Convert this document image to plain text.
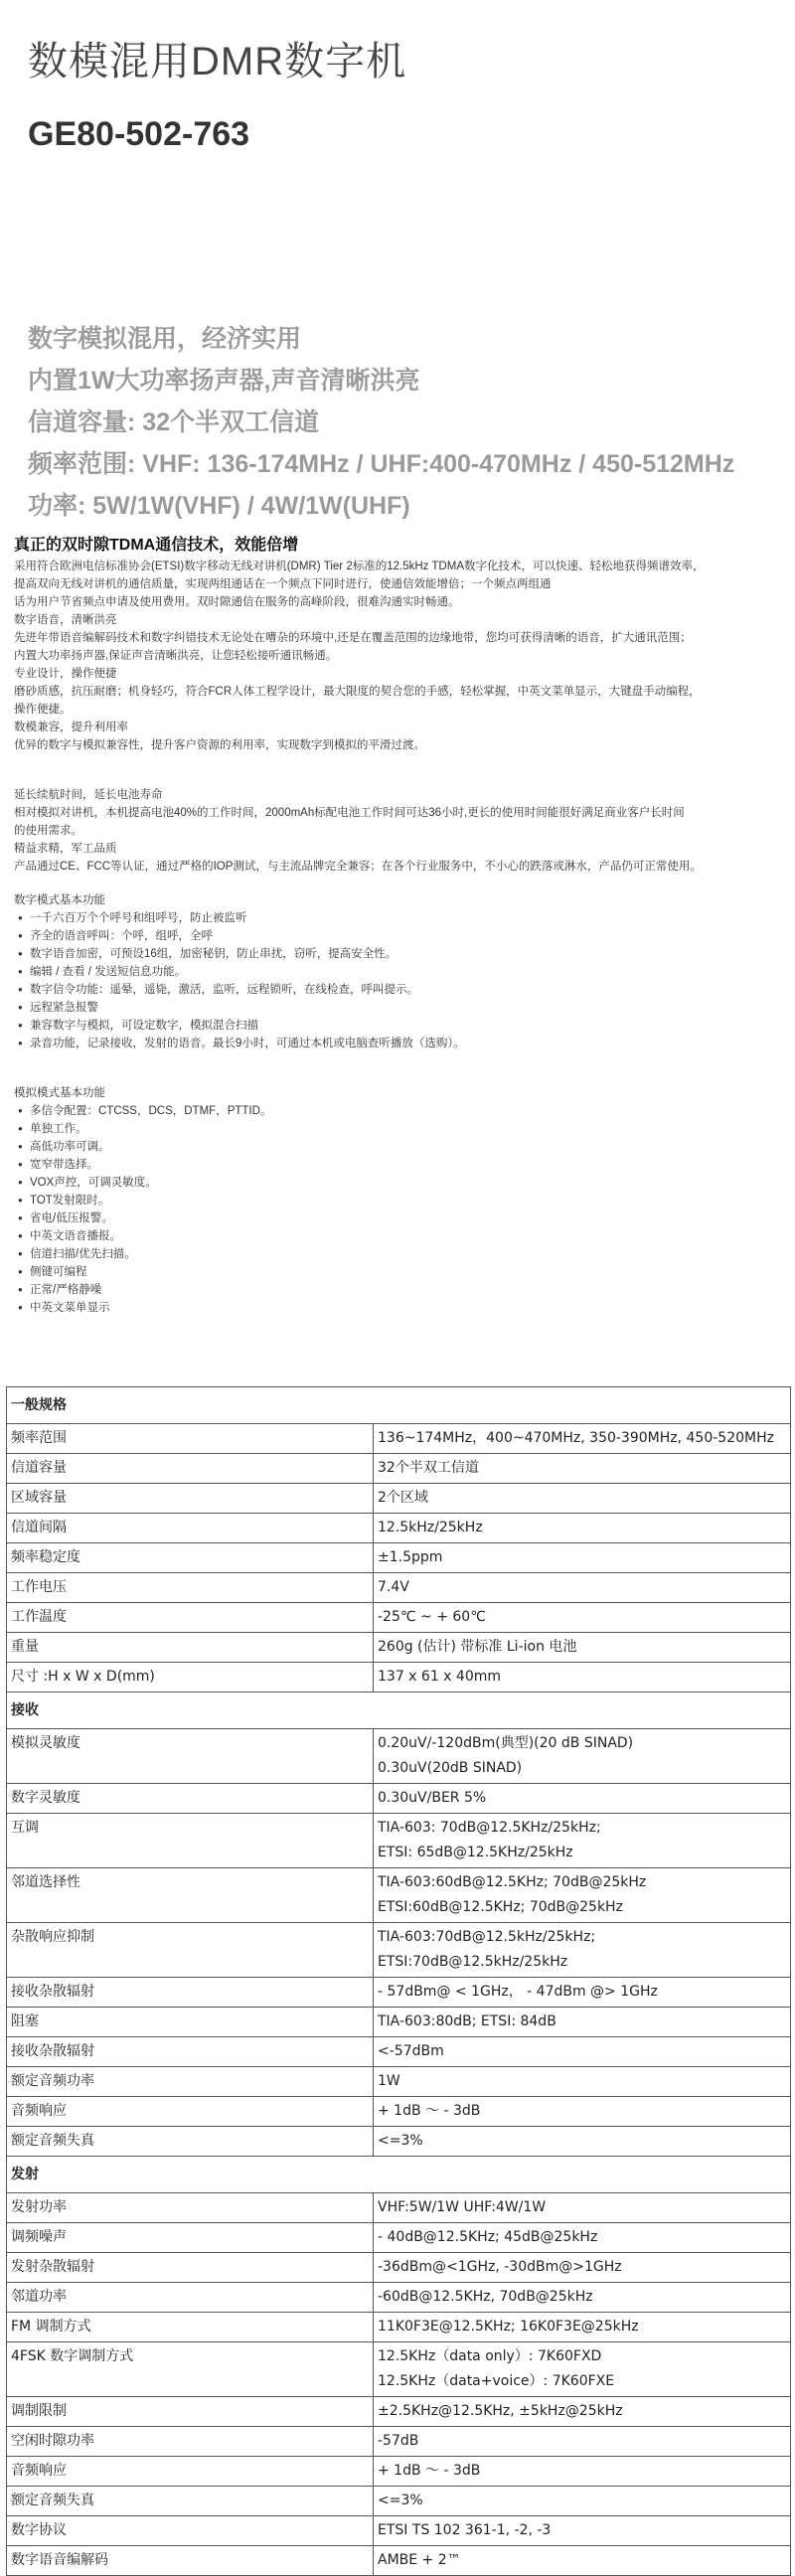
数模混用DMR数字机
GE80-502-763
数字模拟混用，经济实用
内置1W大功率扬声器,声音清晰洪亮
信道容量: 32个半双工信道
频率范围: VHF: 136-174MHz / UHF:400-470MHz / 450-512MHz
功率: 5W/1W(VHF) / 4W/1W(UHF)

真正的双时隙TDMA通信技术，效能倍增

采用符合欧洲电信标准协会(ETSI)数字移动无线对讲机(DMR) Tier 2标准的12.5kHz TDMA数字化技术，可以快速、轻松地获得频谱效率，

提高双向无线对讲机的通信质量，实现两组通话在一个频点下同时进行，使通信效能增倍；一个频点两组通

话为用户节省频点申请及使用费用。双时隙通信在服务的高峰阶段，很难沟通实时畅通。

数字语音，清晰洪亮

先进年带语音编解码技术和数字纠错技术无论处在嘈杂的环境中,还是在覆盖范围的边缘地带，您均可获得清晰的语音，扩大通讯范围；

内置大功率扬声器,保证声音清晰洪亮，让您轻松接听通讯畅通。

专业设计，操作便捷

磨砂质感，抗压耐磨；机身轻巧，符合FCR人体工程学设计，最大限度的契合您的手感，轻松掌握，中英文菜单显示，大键盘手动编程，

操作便捷。

数模兼容，提升利用率

优异的数字与模拟兼容性，提升客户资源的利用率，实现数字到模拟的平滑过渡。

延长续航时间，延长电池寿命

相对模拟对讲机，本机提高电池40%的工作时间，2000mAh标配电池工作时间可达36小时,更长的使用时间能很好满足商业客户长时间

的使用需求。

精益求精，军工品质

产品通过CE、FCC等认证，通过严格的IOP测试，与主流品牌完全兼容；在各个行业服务中，不小心的跌落或淋水，产品仍可正常使用。

数字模式基本功能

● 一千六百万个个呼号和组呼号，防止被监听
● 齐全的语音呼叫：个呼，组呼，全呼
● 数字语音加密，可预设16组，加密秘钥，防止串扰，窃听，提高安全性。
● 编辑 / 查看 / 发送短信息功能。
● 数字信令功能：遥晕，遥毙，激活，监听，远程锁听，在线检查，呼叫提示。
● 远程紧急报警
● 兼容数字与模拟，可设定数字，模拟混合扫描
● 录音功能，记录接收，发射的语音。最长9小时，可通过本机或电脑查听播放（选购）。

模拟模式基本功能

● 多信令配置：CTCSS，DCS，DTMF，PTTID。
● 单独工作。
● 高低功率可调。
● 宽窄带选择。
● VOX声控，可调灵敏度。
● TOT发射限时。
● 省电/低压报警。
● 中英文语音播报。
● 信道扫描/优先扫描。
● 侧键可编程
● 正常/严格静噪
● 中英文菜单显示
一般规格	
频率范围	136~174MHz，400~470MHz, 350-390MHz, 450-520MHz
信道容量	32个半双工信道
区域容量	2个区域
信道间隔	12.5kHz/25kHz
频率稳定度	±1.5ppm
工作电压	7.4V
工作温度	-25℃ ~ + 60℃
重量	260g (估计) 带标准 Li-ion 电池
尺寸 :H x W x D(mm)	137 x 61 x 40mm
接收	
模拟灵敏度	0.20uV/-120dBm(典型)(20 dB SINAD)
0.30uV(20dB SINAD)
数字灵敏度	0.30uV/BER 5%
互调	TIA-603: 70dB@12.5KHz/25kHz;
ETSI: 65dB@12.5KHz/25kHz
邻道选择性	TIA-603:60dB@12.5KHz; 70dB@25kHz
ETSI:60dB@12.5KHz; 70dB@25kHz
杂散响应抑制	TIA-603:70dB@12.5kHz/25kHz; ETSI:70dB@12.5kHz/25kHz
接收杂散辐射	- 57dBm@ < 1GHz， - 47dBm @> 1GHz
阻塞	TIA-603:80dB; ETSI: 84dB
接收杂散辐射	<-57dBm
额定音频功率	1W
音频响应	+ 1dB ～ - 3dB
额定音频失真	<=3%
发射	
发射功率	VHF:5W/1W UHF:4W/1W
调频噪声	- 40dB@12.5KHz; 45dB@25kHz
发射杂散辐射	-36dBm@<1GHz, -30dBm@>1GHz
邻道功率	-60dB@12.5KHz, 70dB@25kHz
FM 调制方式	11K0F3E@12.5KHz; 16K0F3E@25kHz
4FSK 数字调制方式	12.5KHz（data only）: 7K60FXD
12.5KHz（data+voice）: 7K60FXE
调制限制	±2.5KHz@12.5KHz, ±5kHz@25kHz
空闲时隙功率	-57dB
音频响应	+ 1dB ～ - 3dB
额定音频失真	<=3%
数字协议	ETSI TS 102 361-1, -2, -3
数字语音编解码	AMBE + 2™
